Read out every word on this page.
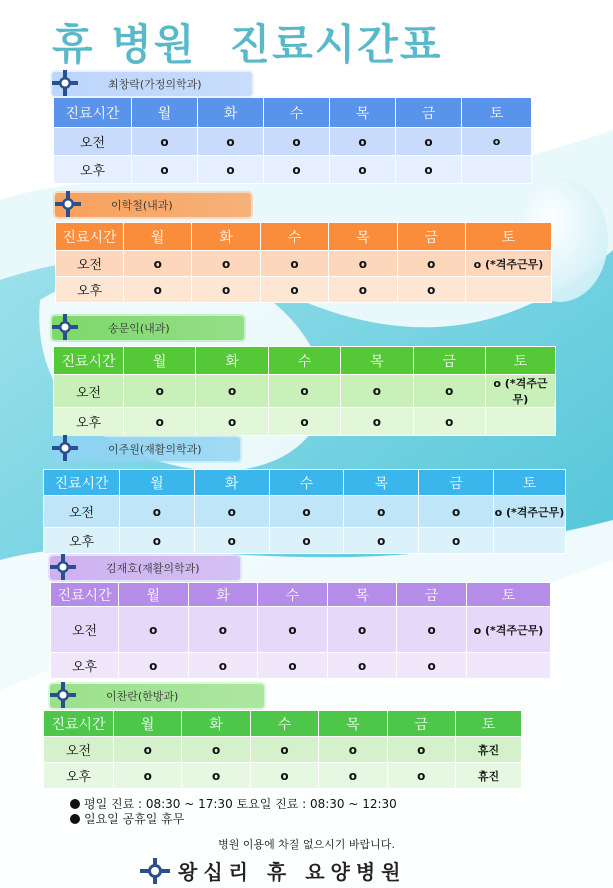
휴 병원  진료시간표
최창락(가정의학과)
진료시간	월	화	수	목	금	토
오전	o	o	o	o	o	o
오후	o	o	o	o	o	
이학철(내과)
진료시간	월	화	수	목	금	토
오전	o	o	o	o	o	o (*격주근무)
오후	o	o	o	o	o	
송문익(내과)
진료시간	월	화	수	목	금	토
오전	o	o	o	o	o	o (*격주근무)
오후	o	o	o	o	o	
이주원(재활의학과)
진료시간	월	화	수	목	금	토
오전	o	o	o	o	o	o (*격주근무)
오후	o	o	o	o	o	
김재호(재활의학과)
진료시간	월	화	수	목	금	토
오전	o	o	o	o	o	o (*격주근무)
오후	o	o	o	o	o	
이찬란(한방과)
진료시간	월	화	수	목	금	토
오전	o	o	o	o	o	휴진
오후	o	o	o	o	o	휴진
평일 진료 : 08:30 ~ 17:30 토요일 진료 : 08:30 ~ 12:30
일요일 공휴일 휴무
병원 이용에 차질 없으시기 바랍니다.
왕십리 휴 요양병원
